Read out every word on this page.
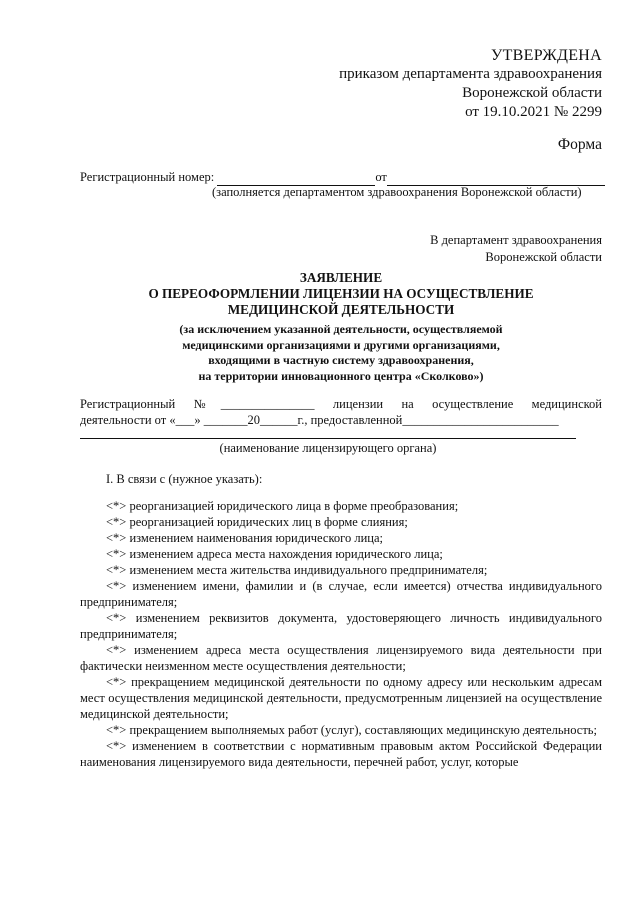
УТВЕРЖДЕНА
приказом департамента здравоохранения
Воронежской области
от 19.10.2021 № 2299
Форма
Регистрационный номер:	от
(заполняется департаментом здравоохранения Воронежской области)
В департамент здравоохранения
Воронежской области
ЗАЯВЛЕНИЕ
О ПЕРЕОФОРМЛЕНИИ ЛИЦЕНЗИИ НА ОСУЩЕСТВЛЕНИЕ
МЕДИЦИНСКОЙ ДЕЯТЕЛЬНОСТИ
(за исключением указанной деятельности, осуществляемой
медицинскими организациями и другими организациями,
входящими в частную систему здравоохранения,
на территории инновационного центра «Сколково»)
Регистрационный №_______________ лицензии на осуществление медицинской
деятельности от «___» _______20______г., предоставленной_________________________
(наименование лицензирующего органа)
I. В связи с (нужное указать):

<*> реорганизацией юридического лица в форме преобразования;

<*> реорганизацией юридических лиц в форме слияния;

<*> изменением наименования юридического лица;

<*> изменением адреса места нахождения юридического лица;

<*> изменением места жительства индивидуального предпринимателя;

<*> изменением имени, фамилии и (в случае, если имеется) отчества индивидуального предпринимателя;

<*> изменением реквизитов документа, удостоверяющего личность индивидуального предпринимателя;

<*> изменением адреса места осуществления лицензируемого вида деятельности при фактически неизменном месте осуществления деятельности;

<*> прекращением медицинской деятельности по одному адресу или нескольким адресам мест осуществления медицинской деятельности, предусмотренным лицензией на осуществление медицинской деятельности;

<*> прекращением выполняемых работ (услуг), составляющих медицинскую деятельность;

<*> изменением в соответствии с нормативным правовым актом Российской Федерации наименования лицензируемого вида деятельности, перечней работ, услуг, которые
